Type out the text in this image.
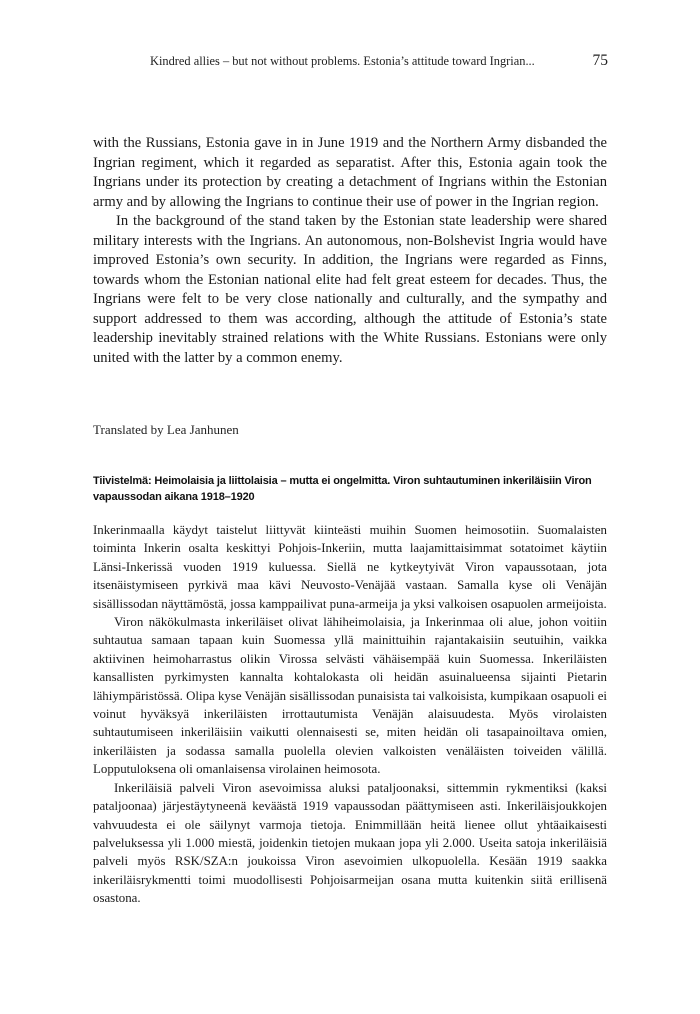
Kindred allies – but not without problems. Estonia’s attitude toward Ingrian...	75

with the Russians, Estonia gave in in June 1919 and the Northern Army disbanded the Ingrian regiment, which it regarded as separatist. After this, Estonia again took the Ingrians under its protection by creating a detachment of Ingrians within the Estonian army and by allowing the Ingrians to continue their use of power in the Ingrian region.

In the background of the stand taken by the Estonian state leadership were shared military interests with the Ingrians. An autonomous, non-Bolshevist Ingria would have improved Estonia’s own security. In addition, the Ingrians were regarded as Finns, towards whom the Estonian national elite had felt great esteem for decades. Thus, the Ingrians were felt to be very close nationally and culturally, and the sympathy and support addressed to them was according, although the attitude of Estonia’s state leadership inevitably strained relations with the White Russians. Estonians were only united with the latter by a common enemy.

Translated by Lea Janhunen
Tiivistelmä: Heimolaisia ja liittolaisia – mutta ei ongelmitta. Viron suhtautuminen inkeriläisiin Viron vapaussodan aikana 1918–1920

Inkerinmaalla käydyt taistelut liittyvät kiinteästi muihin Suomen heimosotiin. Suomalaisten toiminta Inkerin osalta keskittyi Pohjois-Inkeriin, mutta laajamittaisimmat sotatoimet käytiin Länsi-Inkerissä vuoden 1919 kuluessa. Siellä ne kytkeytyivät Viron vapaussotaan, jota itsenäistymiseen pyrkivä maa kävi Neuvosto-Venäjää vastaan. Samalla kyse oli Venäjän sisällissodan näyttämöstä, jossa kamppailivat puna-armeija ja yksi valkoisen osapuolen armeijoista.

Viron näkökulmasta inkeriläiset olivat lähiheimolaisia, ja Inkerinmaa oli alue, johon voitiin suhtautua samaan tapaan kuin Suomessa yllä mainittuihin rajantakaisiin seutuihin, vaikka aktiivinen heimoharrastus olikin Virossa selvästi vähäisempää kuin Suomessa. Inkeriläisten kansallisten pyrkimysten kannalta kohtalokasta oli heidän asuinalueensa sijainti Pietarin lähiympäristössä. Olipa kyse Venäjän sisällissodan punaisista tai valkoisista, kumpikaan osapuoli ei voinut hyväksyä inkeriläisten irrottautumista Venäjän alaisuudesta. Myös virolaisten suhtautumiseen inkeriläisiin vaikutti olennaisesti se, miten heidän oli tasapainoiltava omien, inkeriläisten ja sodassa samalla puolella olevien valkoisten venäläisten toiveiden välillä. Lopputuloksena oli omanlaisensa virolainen heimosota.

Inkeriläisiä palveli Viron asevoimissa aluksi pataljoonaksi, sittemmin rykmentiksi (kaksi pataljoonaa) järjestäytyneenä keväästä 1919 vapaussodan päättymiseen asti. Inkeriläisjoukkojen vahvuudesta ei ole säilynyt varmoja tietoja. Enimmillään heitä lienee ollut yhtäaikaisesti palveluksessa yli 1.000 miestä, joidenkin tietojen mukaan jopa yli 2.000. Useita satoja inkeriläisiä palveli myös RSK/SZA:n joukoissa Viron asevoimien ulkopuolella. Kesään 1919 saakka inkeriläisrykmentti toimi muodollisesti Pohjoisarmeijan osana mutta kuitenkin siitä erillisenä osastona.
